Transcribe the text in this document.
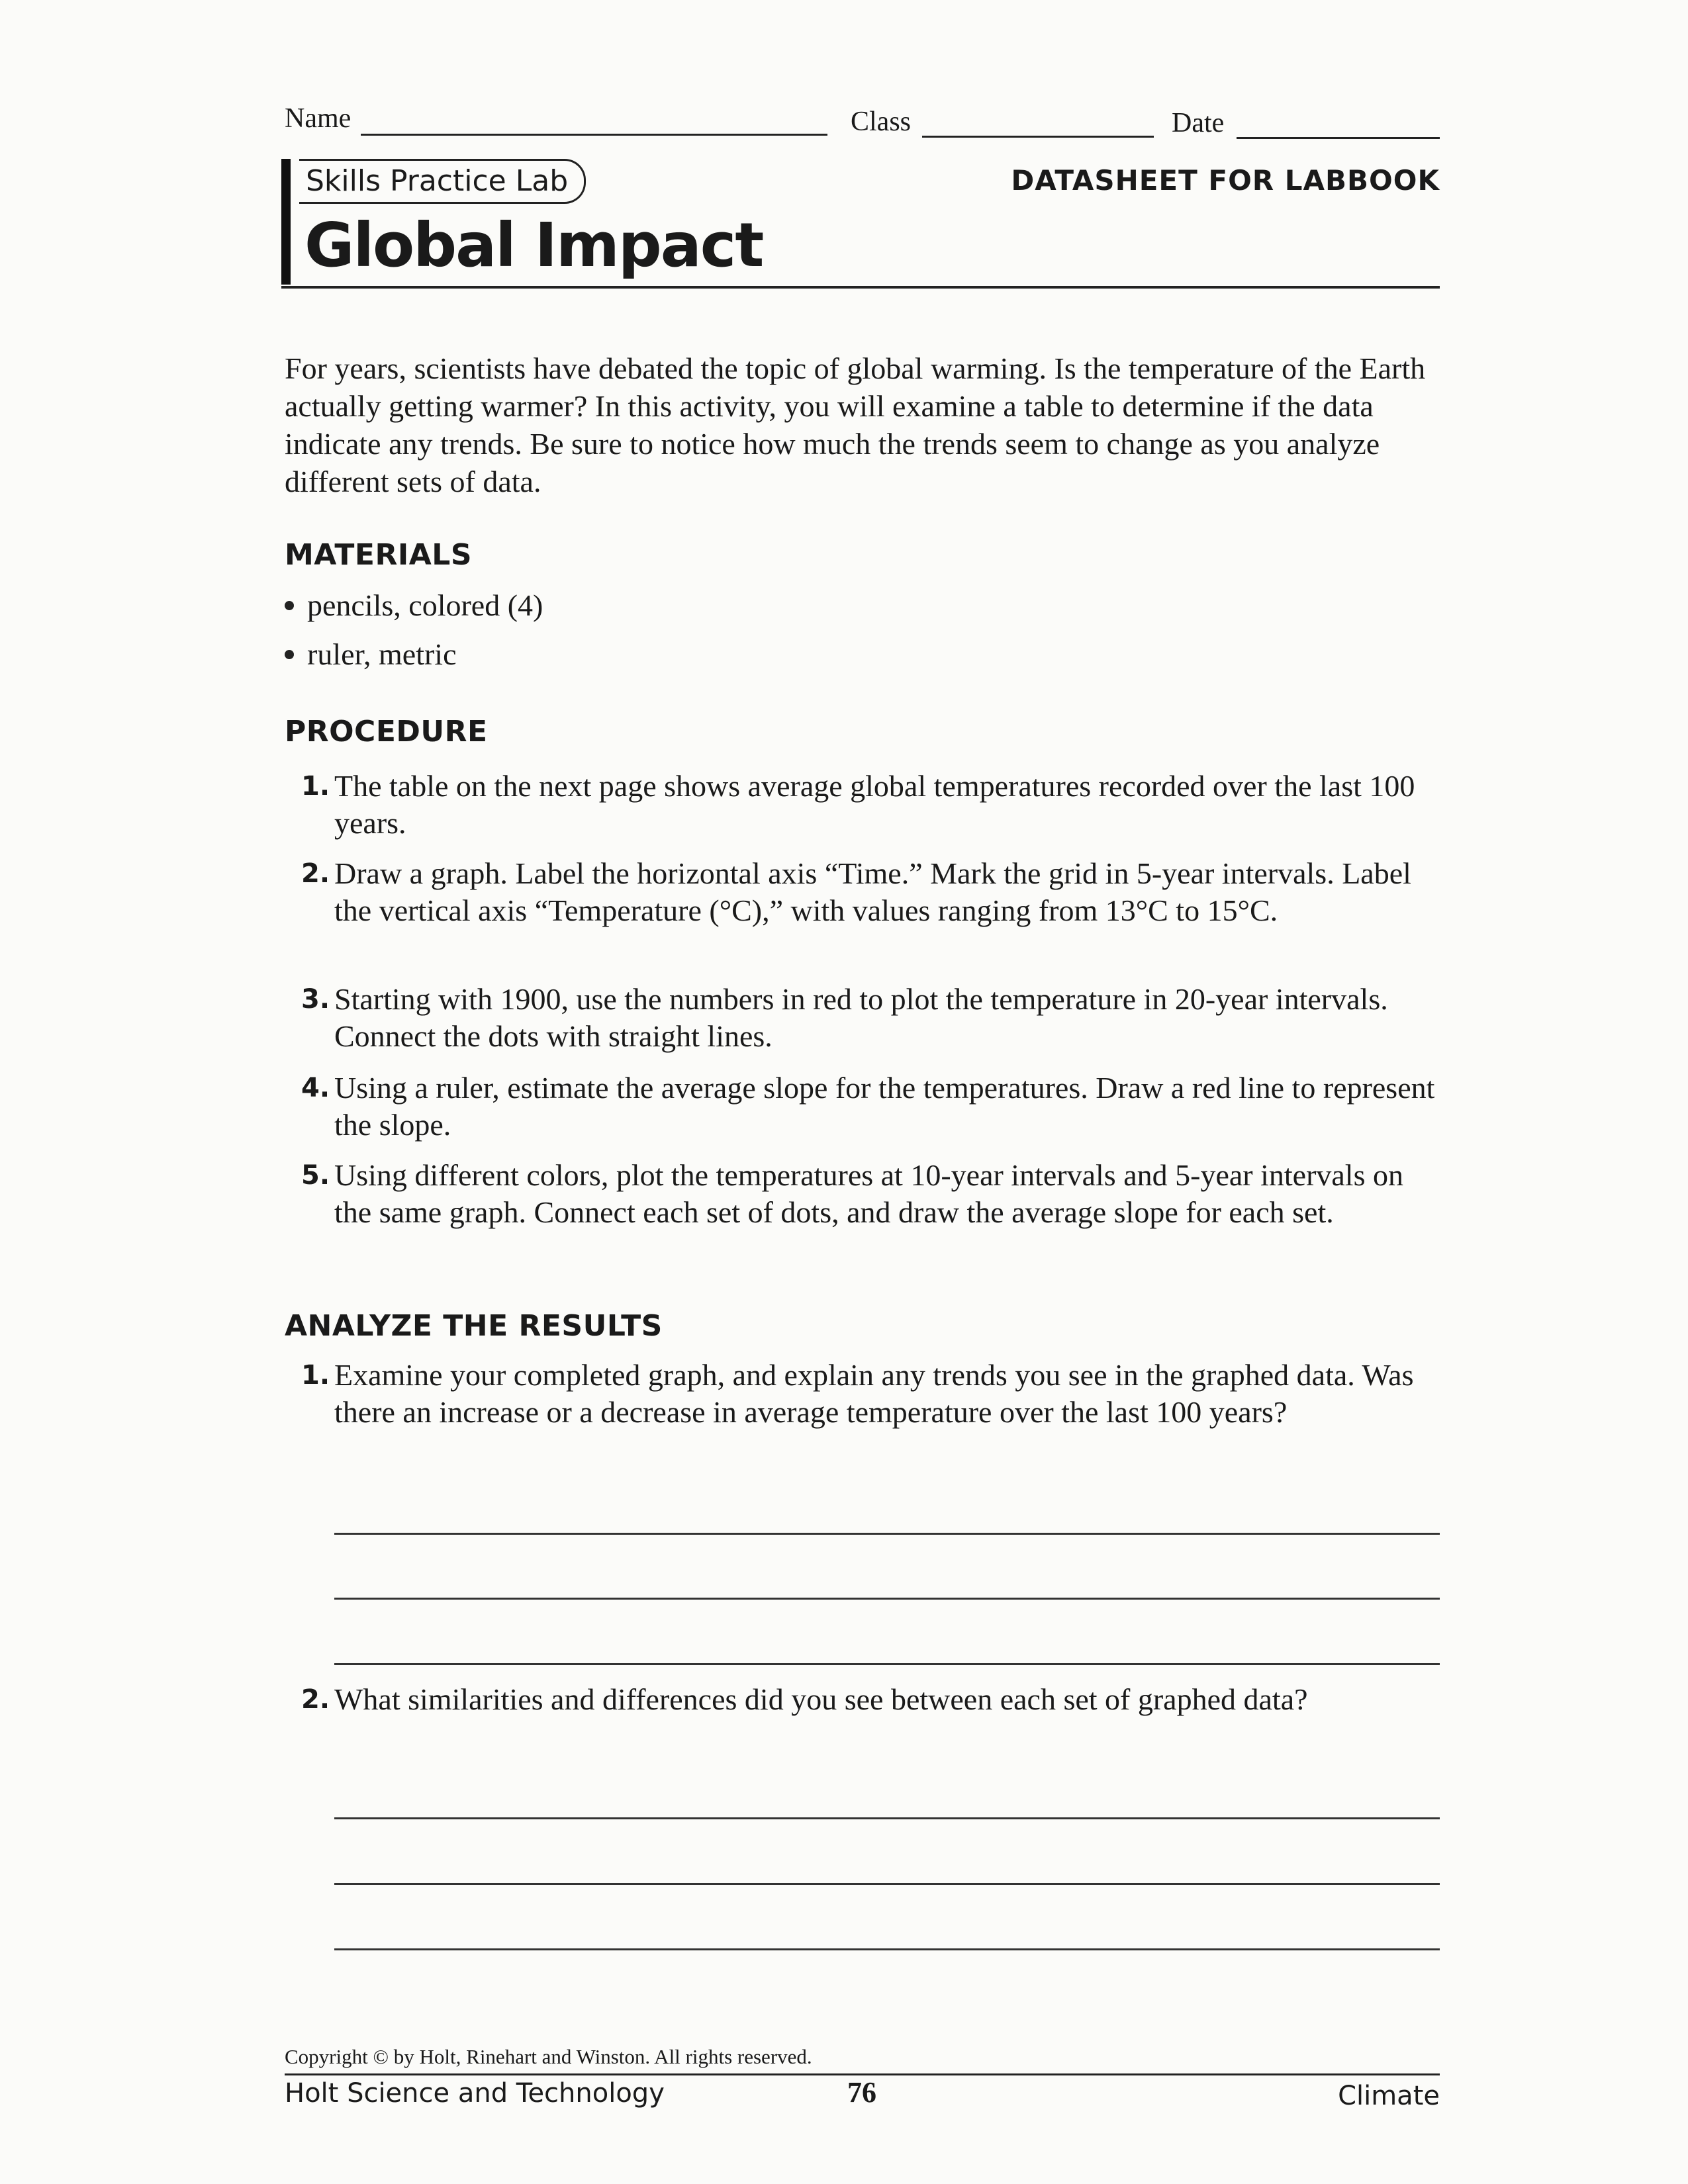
Name	Class	Date
Skills Practice Lab
Global Impact
DATASHEET FOR LABBOOK
For years, scientists have debated the topic of global warming. Is the temperature of the Earth actually getting warmer? In this activity, you will examine a table to determine if the data indicate any trends. Be sure to notice how much the trends seem to change as you analyze different sets of data.
MATERIALS
pencils, colored (4)
ruler, metric
PROCEDURE
1. The table on the next page shows average global temperatures recorded over the last 100 years.
2. Draw a graph. Label the horizontal axis “Time.” Mark the grid in 5-year intervals. Label the vertical axis “Temperature (°C),” with values ranging from 13°C to 15°C.
3. Starting with 1900, use the numbers in red to plot the temperature in 20-year intervals. Connect the dots with straight lines.
4. Using a ruler, estimate the average slope for the temperatures. Draw a red line to represent the slope.
5. Using different colors, plot the temperatures at 10-year intervals and 5-year intervals on the same graph. Connect each set of dots, and draw the average slope for each set.
ANALYZE THE RESULTS
1. Examine your completed graph, and explain any trends you see in the graphed data. Was there an increase or a decrease in average temperature over the last 100 years?
2. What similarities and differences did you see between each set of graphed data?
Copyright © by Holt, Rinehart and Winston. All rights reserved.
Holt Science and Technology	76	Climate
